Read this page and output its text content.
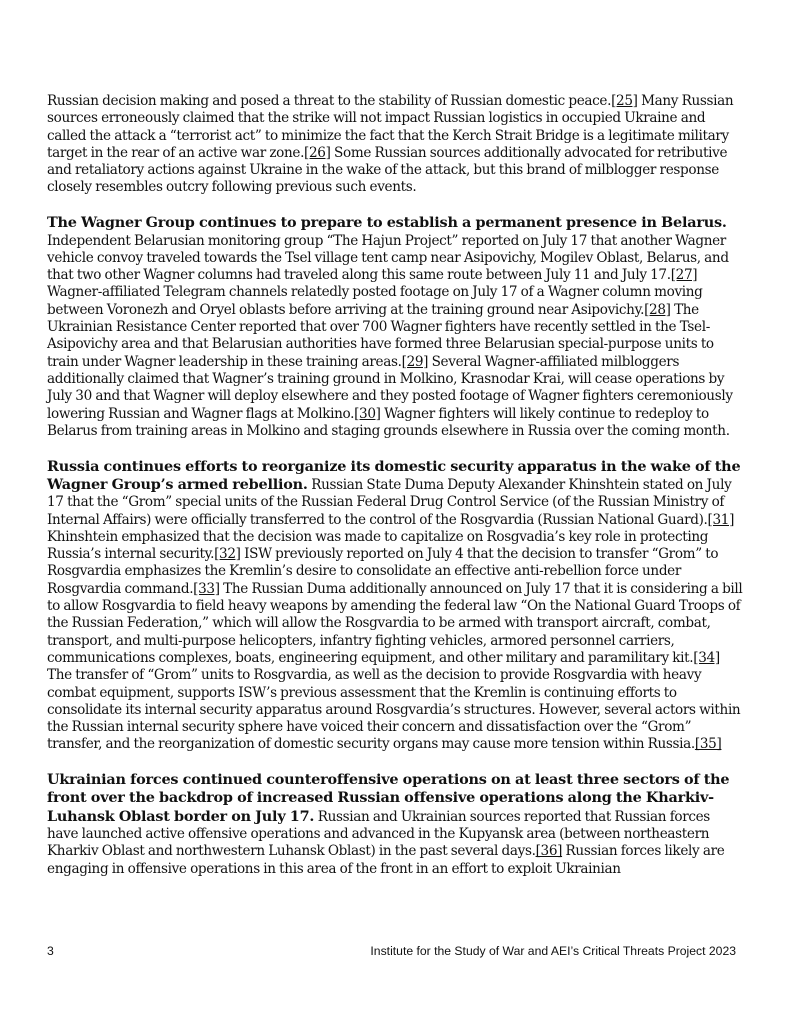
Russian decision making and posed a threat to the stability of Russian domestic peace.[25] Many Russian sources erroneously claimed that the strike will not impact Russian logistics in occupied Ukraine and called the attack a “terrorist act” to minimize the fact that the Kerch Strait Bridge is a legitimate military target in the rear of an active war zone.[26] Some Russian sources additionally advocated for retributive and retaliatory actions against Ukraine in the wake of the attack, but this brand of milblogger response closely resembles outcry following previous such events.

The Wagner Group continues to prepare to establish a permanent presence in Belarus. Independent Belarusian monitoring group “The Hajun Project” reported on July 17 that another Wagner vehicle convoy traveled towards the Tsel village tent camp near Asipovichy, Mogilev Oblast, Belarus, and that two other Wagner columns had traveled along this same route between July 11 and July 17.[27] Wagner-affiliated Telegram channels relatedly posted footage on July 17 of a Wagner column moving between Voronezh and Oryel oblasts before arriving at the training ground near Asipovichy.[28] The Ukrainian Resistance Center reported that over 700 Wagner fighters have recently settled in the Tsel-Asipovichy area and that Belarusian authorities have formed three Belarusian special-purpose units to train under Wagner leadership in these training areas.[29] Several Wagner-affiliated milbloggers additionally claimed that Wagner’s training ground in Molkino, Krasnodar Krai, will cease operations by July 30 and that Wagner will deploy elsewhere and they posted footage of Wagner fighters ceremoniously lowering Russian and Wagner flags at Molkino.[30] Wagner fighters will likely continue to redeploy to Belarus from training areas in Molkino and staging grounds elsewhere in Russia over the coming month.

Russia continues efforts to reorganize its domestic security apparatus in the wake of the Wagner Group’s armed rebellion. Russian State Duma Deputy Alexander Khinshtein stated on July 17 that the “Grom” special units of the Russian Federal Drug Control Service (of the Russian Ministry of Internal Affairs) were officially transferred to the control of the Rosgvardia (Russian National Guard).[31] Khinshtein emphasized that the decision was made to capitalize on Rosgvadia’s key role in protecting Russia’s internal security.[32] ISW previously reported on July 4 that the decision to transfer “Grom” to Rosgvardia emphasizes the Kremlin’s desire to consolidate an effective anti-rebellion force under Rosgvardia command.[33] The Russian Duma additionally announced on July 17 that it is considering a bill to allow Rosgvardia to field heavy weapons by amending the federal law “On the National Guard Troops of the Russian Federation,” which will allow the Rosgvardia to be armed with transport aircraft, combat, transport, and multi-purpose helicopters, infantry fighting vehicles, armored personnel carriers, communications complexes, boats, engineering equipment, and other military and paramilitary kit.[34] The transfer of “Grom” units to Rosgvardia, as well as the decision to provide Rosgvardia with heavy combat equipment, supports ISW’s previous assessment that the Kremlin is continuing efforts to consolidate its internal security apparatus around Rosgvardia’s structures. However, several actors within the Russian internal security sphere have voiced their concern and dissatisfaction over the “Grom” transfer, and the reorganization of domestic security organs may cause more tension within Russia.[35]

Ukrainian forces continued counteroffensive operations on at least three sectors of the front over the backdrop of increased Russian offensive operations along the Kharkiv-Luhansk Oblast border on July 17. Russian and Ukrainian sources reported that Russian forces have launched active offensive operations and advanced in the Kupyansk area (between northeastern Kharkiv Oblast and northwestern Luhansk Oblast) in the past several days.[36] Russian forces likely are engaging in offensive operations in this area of the front in an effort to exploit Ukrainian

3	Institute for the Study of War and AEI’s Critical Threats Project 2023
